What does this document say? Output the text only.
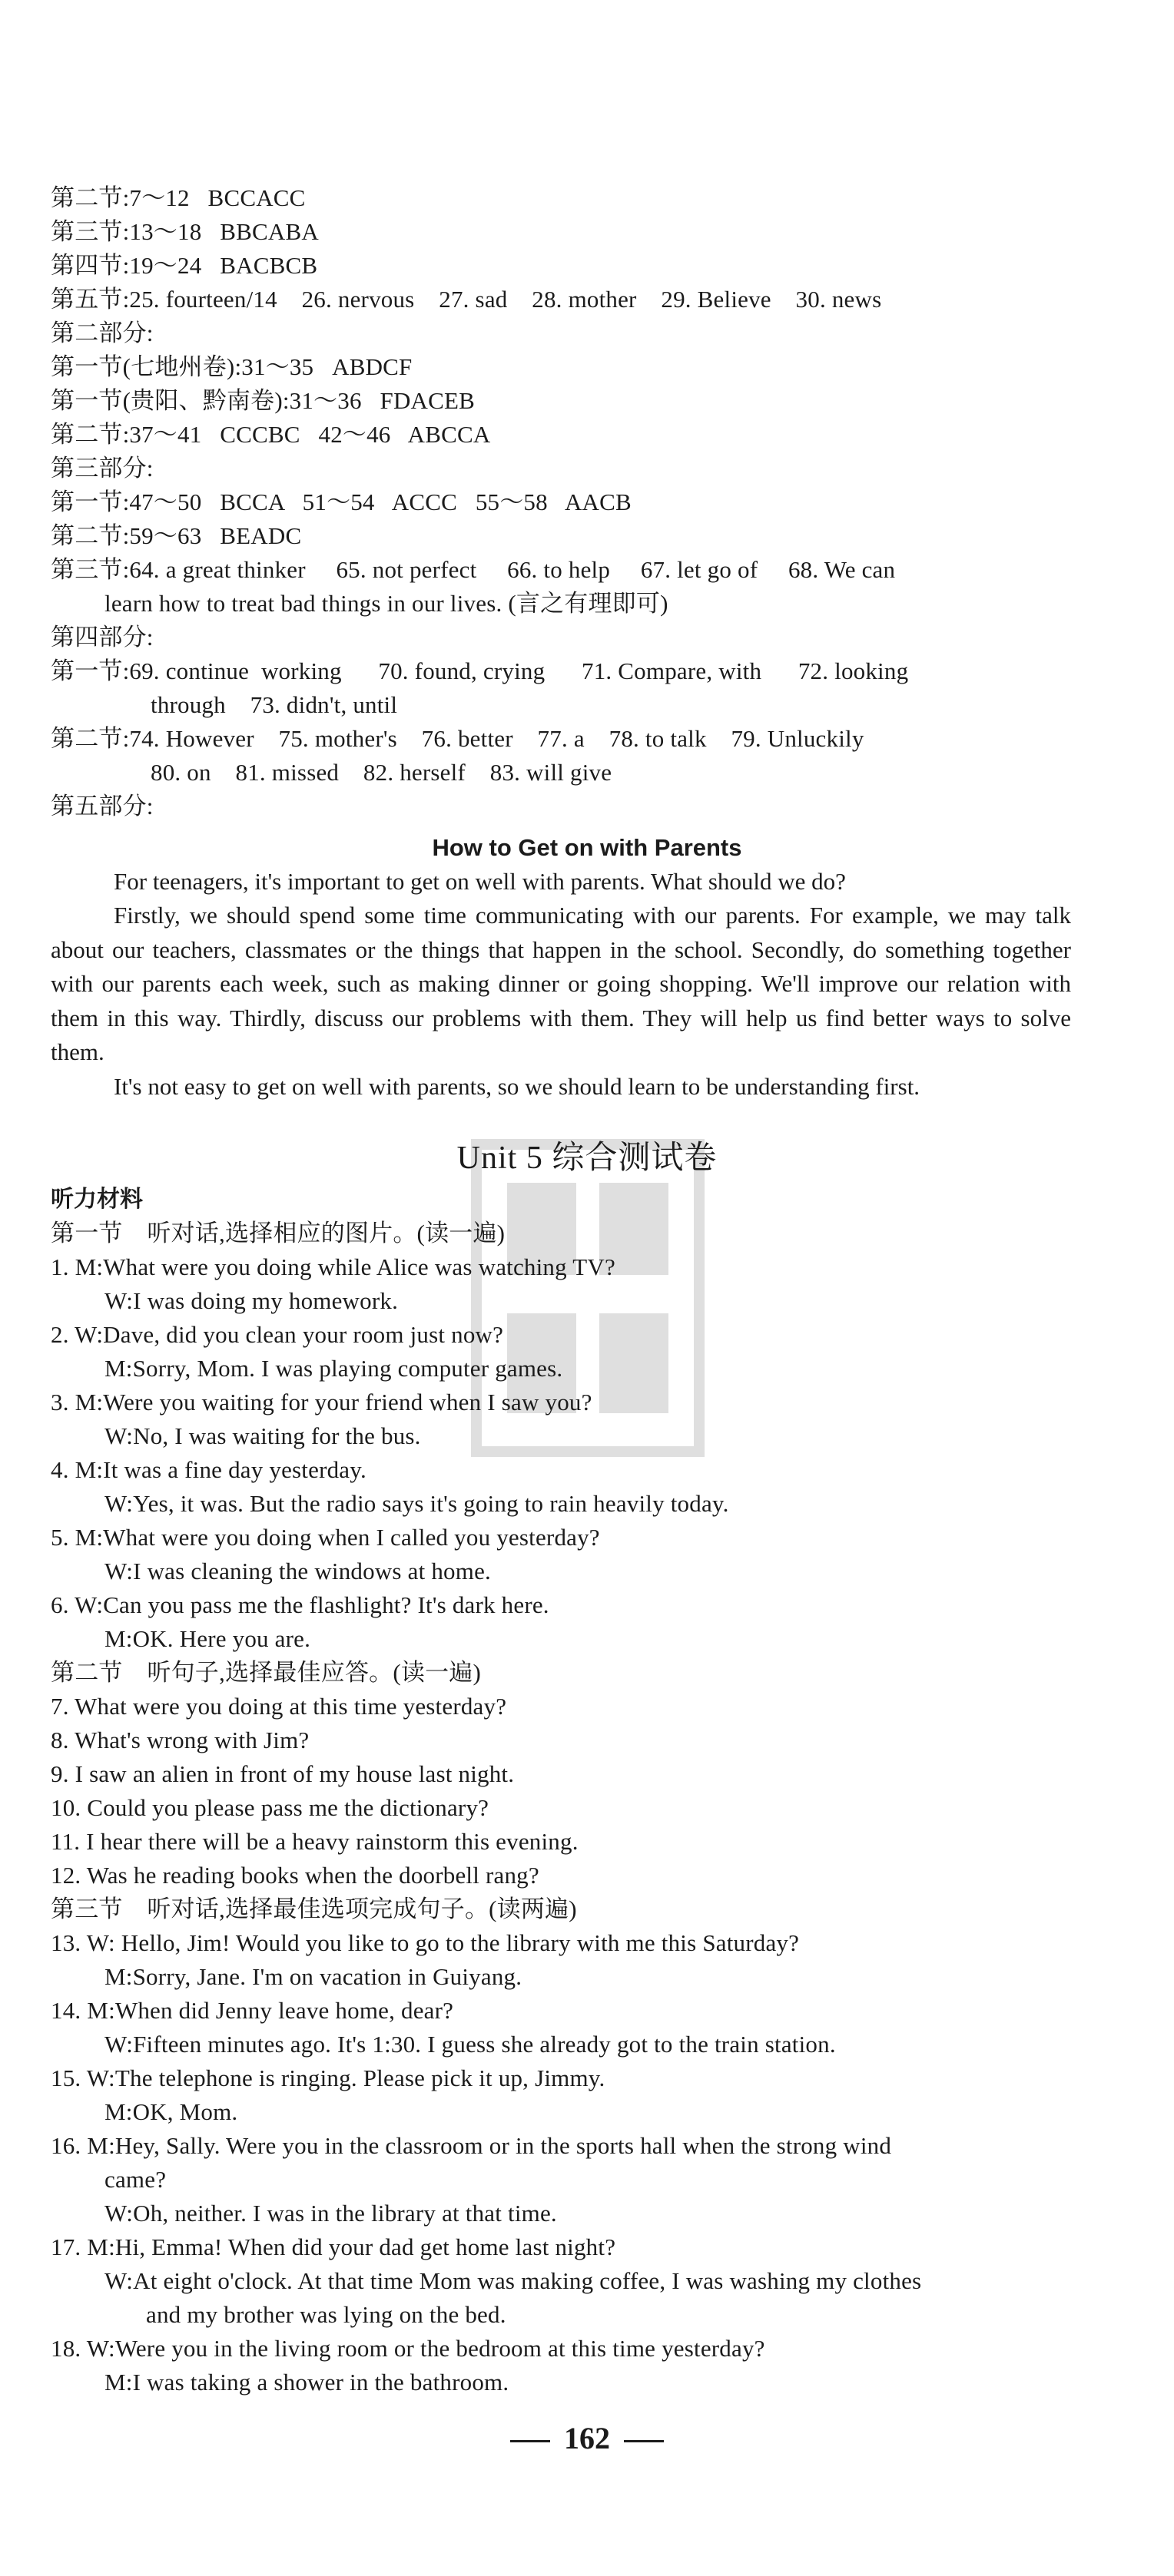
第二节:7～12   BCCACC
第三节:13～18   BBCABA
第四节:19～24   BACBCB
第五节:25. fourteen/14    26. nervous    27. sad    28. mother    29. Believe    30. news
第二部分:
第一节(七地州卷):31～35   ABDCF
第一节(贵阳、黔南卷):31～36   FDACEB
第二节:37～41   CCCBC   42～46   ABCCA
第三部分:
第一节:47～50   BCCA   51～54   ACCC   55～58   AACB
第二节:59～63   BEADC
第三节:64. a great thinker     65. not perfect     66. to help     67. let go of     68. We can
learn how to treat bad things in our lives. (言之有理即可)
第四部分:
第一节:69. continue  working      70. found, crying      71. Compare, with      72. looking
through    73. didn't, until
第二节:74. However    75. mother's    76. better    77. a    78. to talk    79. Unluckily
80. on    81. missed    82. herself    83. will give
第五部分:
How to Get on with Parents
For teenagers, it's important to get on well with parents. What should we do?
Firstly, we should spend some time communicating with our parents. For example, we may talk about our teachers, classmates or the things that happen in the school. Secondly, do something together with our parents each week, such as making dinner or going shopping. We'll improve our relation with them in this way. Thirdly, discuss our problems with them. They will help us find better ways to solve them.
It's not easy to get on well with parents, so we should learn to be understanding first.
Unit 5 综合测试卷
听力材料
第一节    听对话,选择相应的图片。(读一遍)
1. M:What were you doing while Alice was watching TV?
W:I was doing my homework.
2. W:Dave, did you clean your room just now?
M:Sorry, Mom. I was playing computer games.
3. M:Were you waiting for your friend when I saw you?
W:No, I was waiting for the bus.
4. M:It was a fine day yesterday.
W:Yes, it was. But the radio says it's going to rain heavily today.
5. M:What were you doing when I called you yesterday?
W:I was cleaning the windows at home.
6. W:Can you pass me the flashlight? It's dark here.
M:OK. Here you are.
第二节    听句子,选择最佳应答。(读一遍)
7. What were you doing at this time yesterday?
8. What's wrong with Jim?
9. I saw an alien in front of my house last night.
10. Could you please pass me the dictionary?
11. I hear there will be a heavy rainstorm this evening.
12. Was he reading books when the doorbell rang?
第三节    听对话,选择最佳选项完成句子。(读两遍)
13. W: Hello, Jim! Would you like to go to the library with me this Saturday?
M:Sorry, Jane. I'm on vacation in Guiyang.
14. M:When did Jenny leave home, dear?
W:Fifteen minutes ago. It's 1:30. I guess she already got to the train station.
15. W:The telephone is ringing. Please pick it up, Jimmy.
M:OK, Mom.
16. M:Hey, Sally. Were you in the classroom or in the sports hall when the strong wind
came?
W:Oh, neither. I was in the library at that time.
17. M:Hi, Emma! When did your dad get home last night?
W:At eight o'clock. At that time Mom was making coffee, I was washing my clothes
and my brother was lying on the bed.
18. W:Were you in the living room or the bedroom at this time yesterday?
M:I was taking a shower in the bathroom.
162
